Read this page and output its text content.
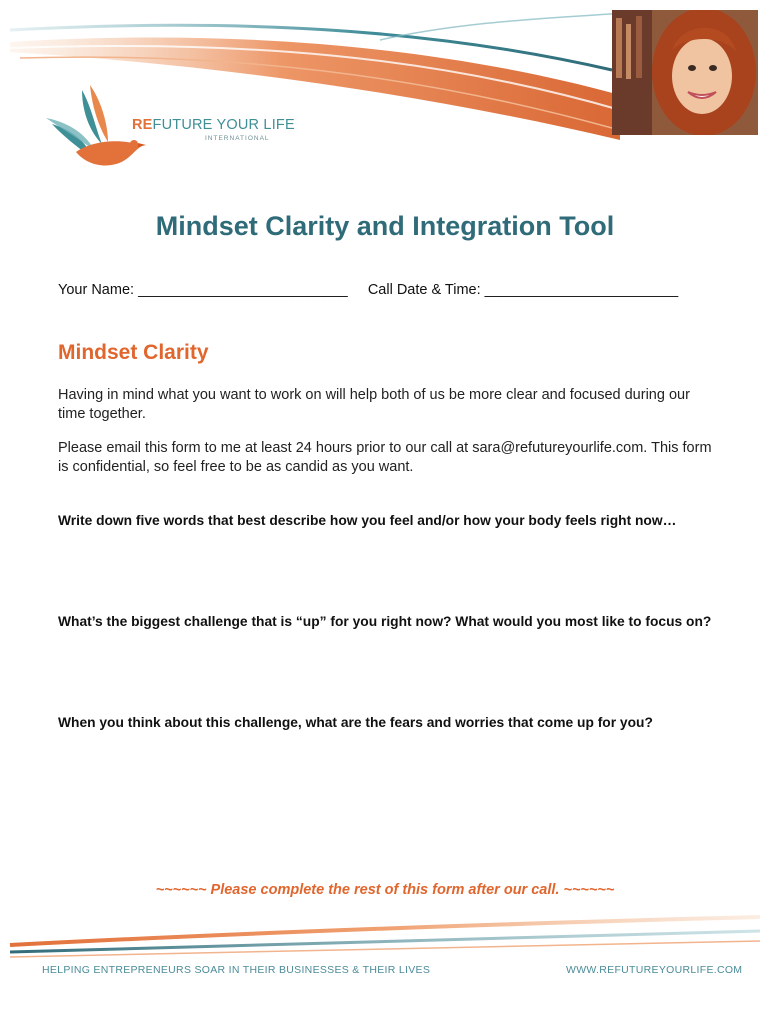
REFUTURE YOUR LIFE
INTERNATIONAL
Mindset Clarity and Integration Tool
Your Name: __________________________ Call Date & Time: ________________________
Mindset Clarity

Having in mind what you want to work on will help both of us be more clear and focused during our time together.

Please email this form to me at least 24 hours prior to our call at sara@refutureyourlife.com. This form is confidential, so feel free to be as candid as you want.

Write down five words that best describe how you feel and/or how your body feels right now…

What’s the biggest challenge that is “up” for you right now? What would you most like to focus on?

When you think about this challenge, what are the fears and worries that come up for you?

~~~~~~ Please complete the rest of this form after our call. ~~~~~~
HELPING ENTREPRENEURS SOAR IN THEIR BUSINESSES & THEIR LIVES	WWW.REFUTUREYOURLIFE.COM
